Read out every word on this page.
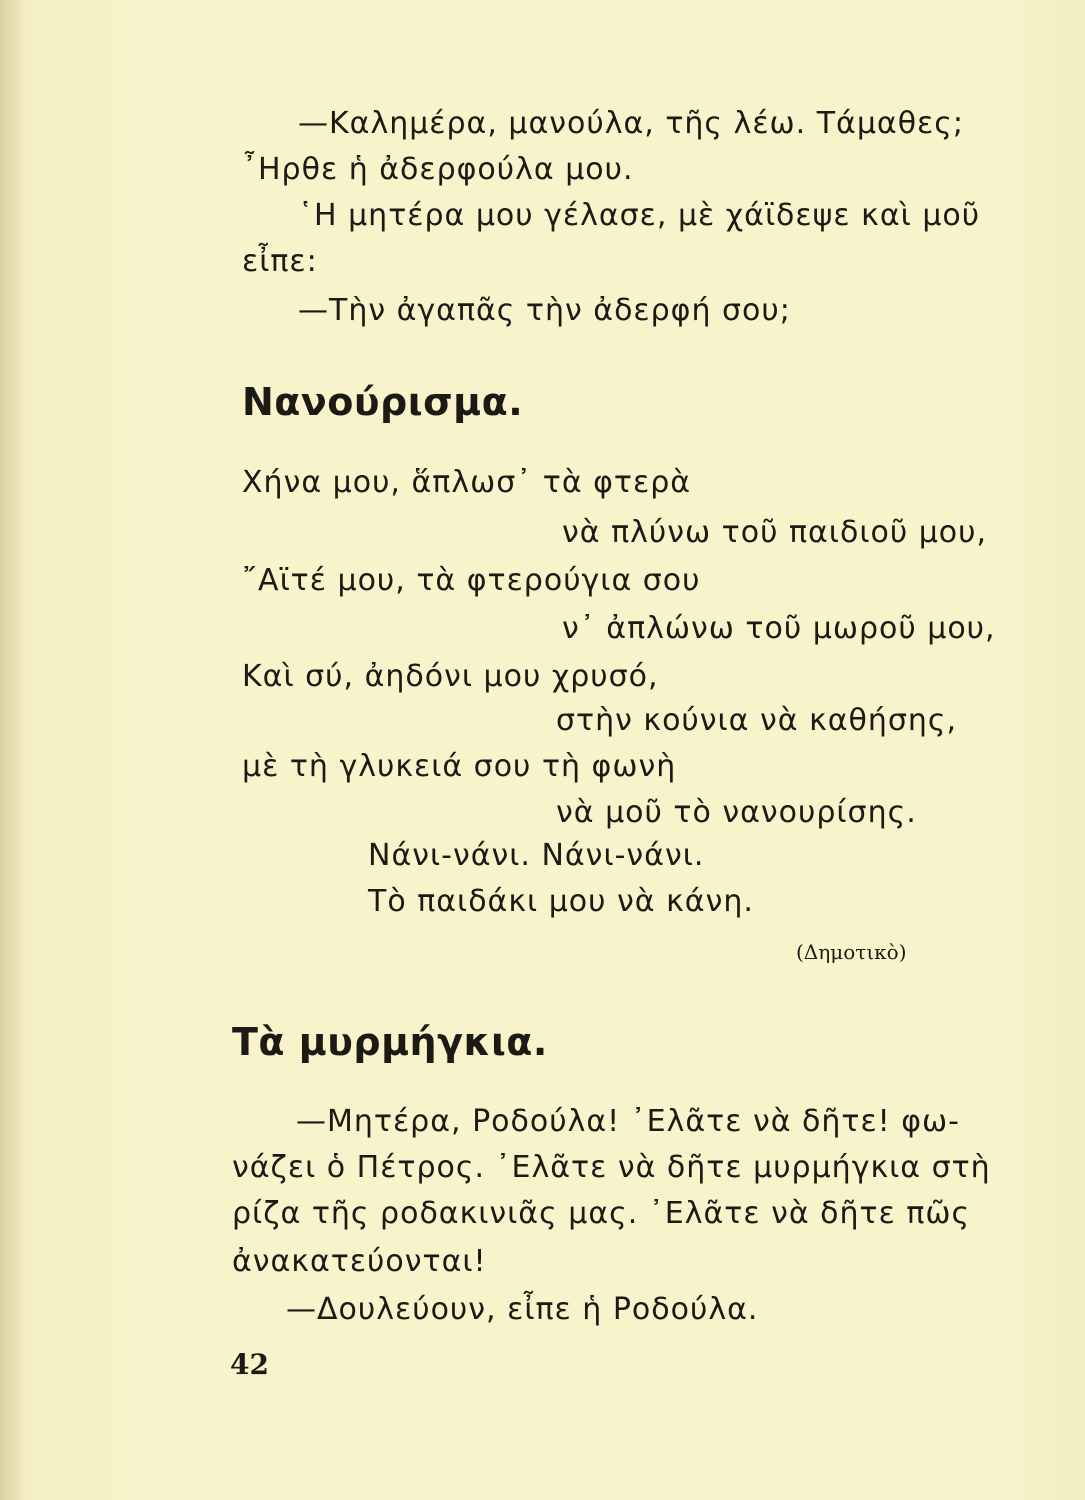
—Καλημέρα, μανούλα, τῆς λέω. Τάμαθες;
῏Ηρθε ἡ ἀδερφούλα μου.
῾Η μητέρα μου γέλασε, μὲ χάϊδεψε καὶ μοῦ
εἶπε:
—Τὴν ἀγαπᾶς τὴν ἀδερφή σου;
Νανούρισμα.
Χήνα μου, ἅπλωσ᾽ τὰ φτερὰ
νὰ πλύνω τοῦ παιδιοῦ μου,
῎Αϊτέ μου, τὰ φτερούγια σου
ν᾽ ἀπλώνω τοῦ μωροῦ μου,
Καὶ σύ, ἀηδόνι μου χρυσό,
στὴν κούνια νὰ καθήσης,
μὲ τὴ γλυκειά σου τὴ φωνὴ
νὰ μοῦ τὸ νανουρίσης.
Νάνι-νάνι. Νάνι-νάνι.
Τὸ παιδάκι μου νὰ κάνη.
(Δημοτικὸ)
Τὰ μυρμήγκια.
—Μητέρα, Ροδούλα! ᾽Ελᾶτε νὰ δῆτε! φω-
νάζει ὁ Πέτρος. ᾽Ελᾶτε νὰ δῆτε μυρμήγκια στὴ
ρίζα τῆς ροδακινιᾶς μας. ᾽Ελᾶτε νὰ δῆτε πῶς
ἀνακατεύονται!
—Δουλεύουν, εἶπε ἡ Ροδούλα.
42
